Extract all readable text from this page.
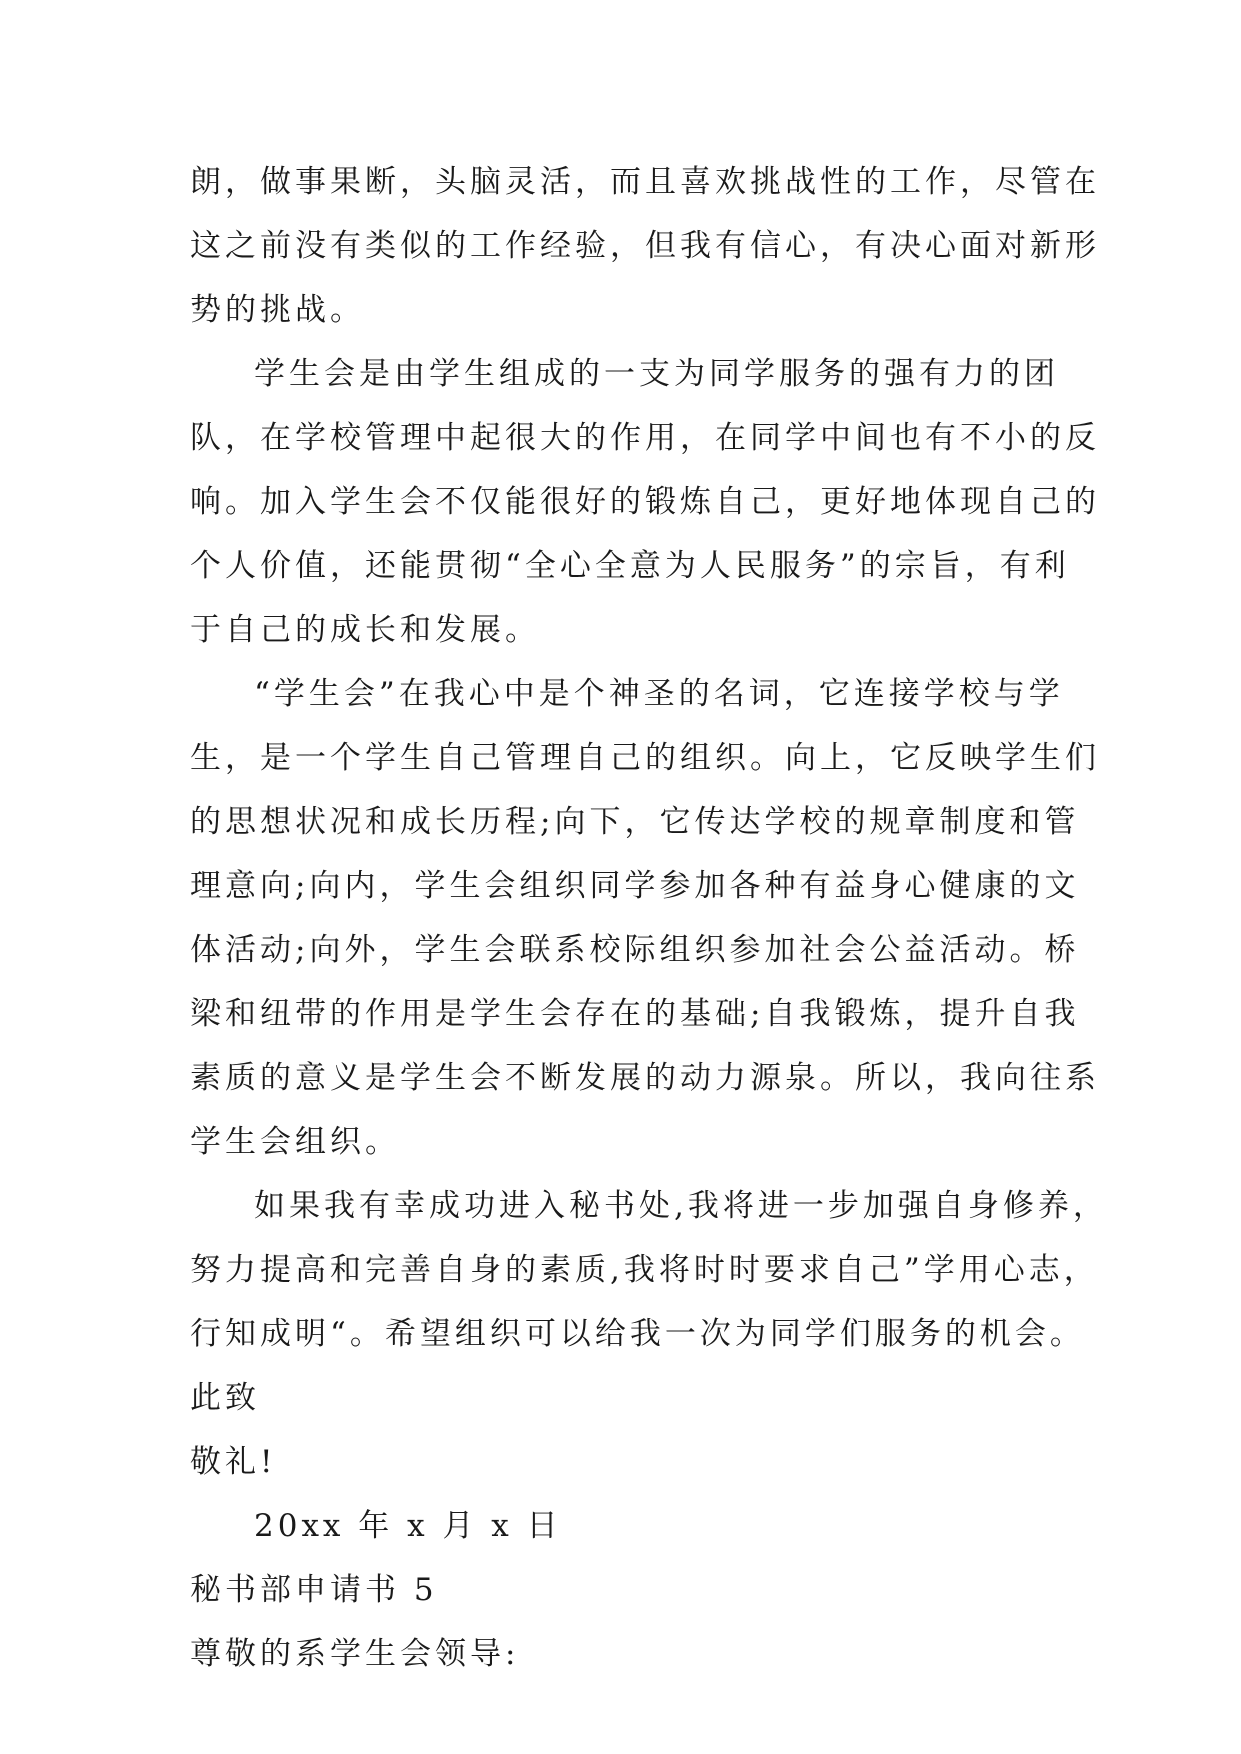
朗，做事果断，头脑灵活，而且喜欢挑战性的工作，尽管在
这之前没有类似的工作经验，但我有信心，有决心面对新形
势的挑战。
学生会是由学生组成的一支为同学服务的强有力的团
队，在学校管理中起很大的作用，在同学中间也有不小的反
响。加入学生会不仅能很好的锻炼自己，更好地体现自己的
个人价值，还能贯彻“全心全意为人民服务”的宗旨，有利
于自己的成长和发展。
“学生会”在我心中是个神圣的名词，它连接学校与学
生，是一个学生自己管理自己的组织。向上，它反映学生们
的思想状况和成长历程;向下，它传达学校的规章制度和管
理意向;向内，学生会组织同学参加各种有益身心健康的文
体活动;向外，学生会联系校际组织参加社会公益活动。桥
梁和纽带的作用是学生会存在的基础;自我锻炼，提升自我
素质的意义是学生会不断发展的动力源泉。所以，我向往系
学生会组织。
如果我有幸成功进入秘书处,我将进一步加强自身修养，
努力提高和完善自身的素质,我将时时要求自己”学用心志，
行知成明“。希望组织可以给我一次为同学们服务的机会。
此致
敬礼!
20xx 年 x 月 x 日
秘书部申请书 5
尊敬的系学生会领导:
